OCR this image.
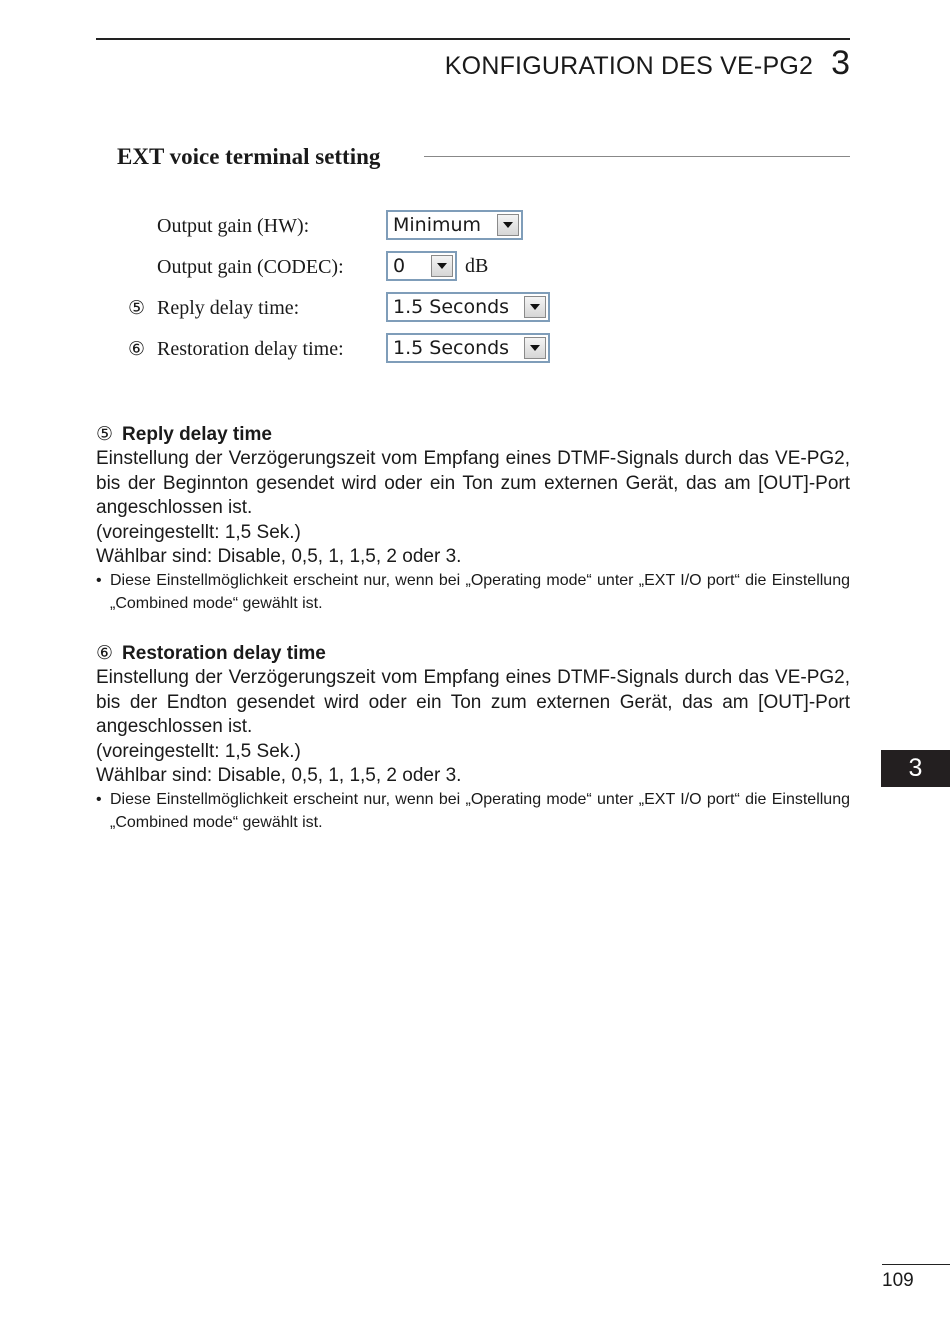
KONFIGURATION DES VE-PG2 3
EXT voice terminal setting
Output gain (HW):	Minimum
Output gain (CODEC):	0	dB
⑤ Reply delay time:	1.5 Seconds
⑥ Restoration delay time:	1.5 Seconds
⑤ Reply delay time
Einstellung der Verzögerungszeit vom Empfang eines DTMF-Signals durch das VE-PG2, bis der Beginnton gesendet wird oder ein Ton zum externen Gerät, das am [OUT]-Port angeschlossen ist.
(voreingestellt: 1,5 Sek.)
Wählbar sind: Disable, 0,5, 1, 1,5, 2 oder 3.
• Diese Einstellmöglichkeit erscheint nur, wenn bei „Operating mode“ unter „EXT I/O port“ die Einstellung „Combined mode“ gewählt ist.
⑥ Restoration delay time
Einstellung der Verzögerungszeit vom Empfang eines DTMF-Signals durch das VE-PG2, bis der Endton gesendet wird oder ein Ton zum externen Gerät, das am [OUT]-Port angeschlossen ist.
(voreingestellt: 1,5 Sek.)
Wählbar sind: Disable, 0,5, 1, 1,5, 2 oder 3.
• Diese Einstellmöglichkeit erscheint nur, wenn bei „Operating mode“ unter „EXT I/O port“ die Einstellung „Combined mode“ gewählt ist.
3
109
